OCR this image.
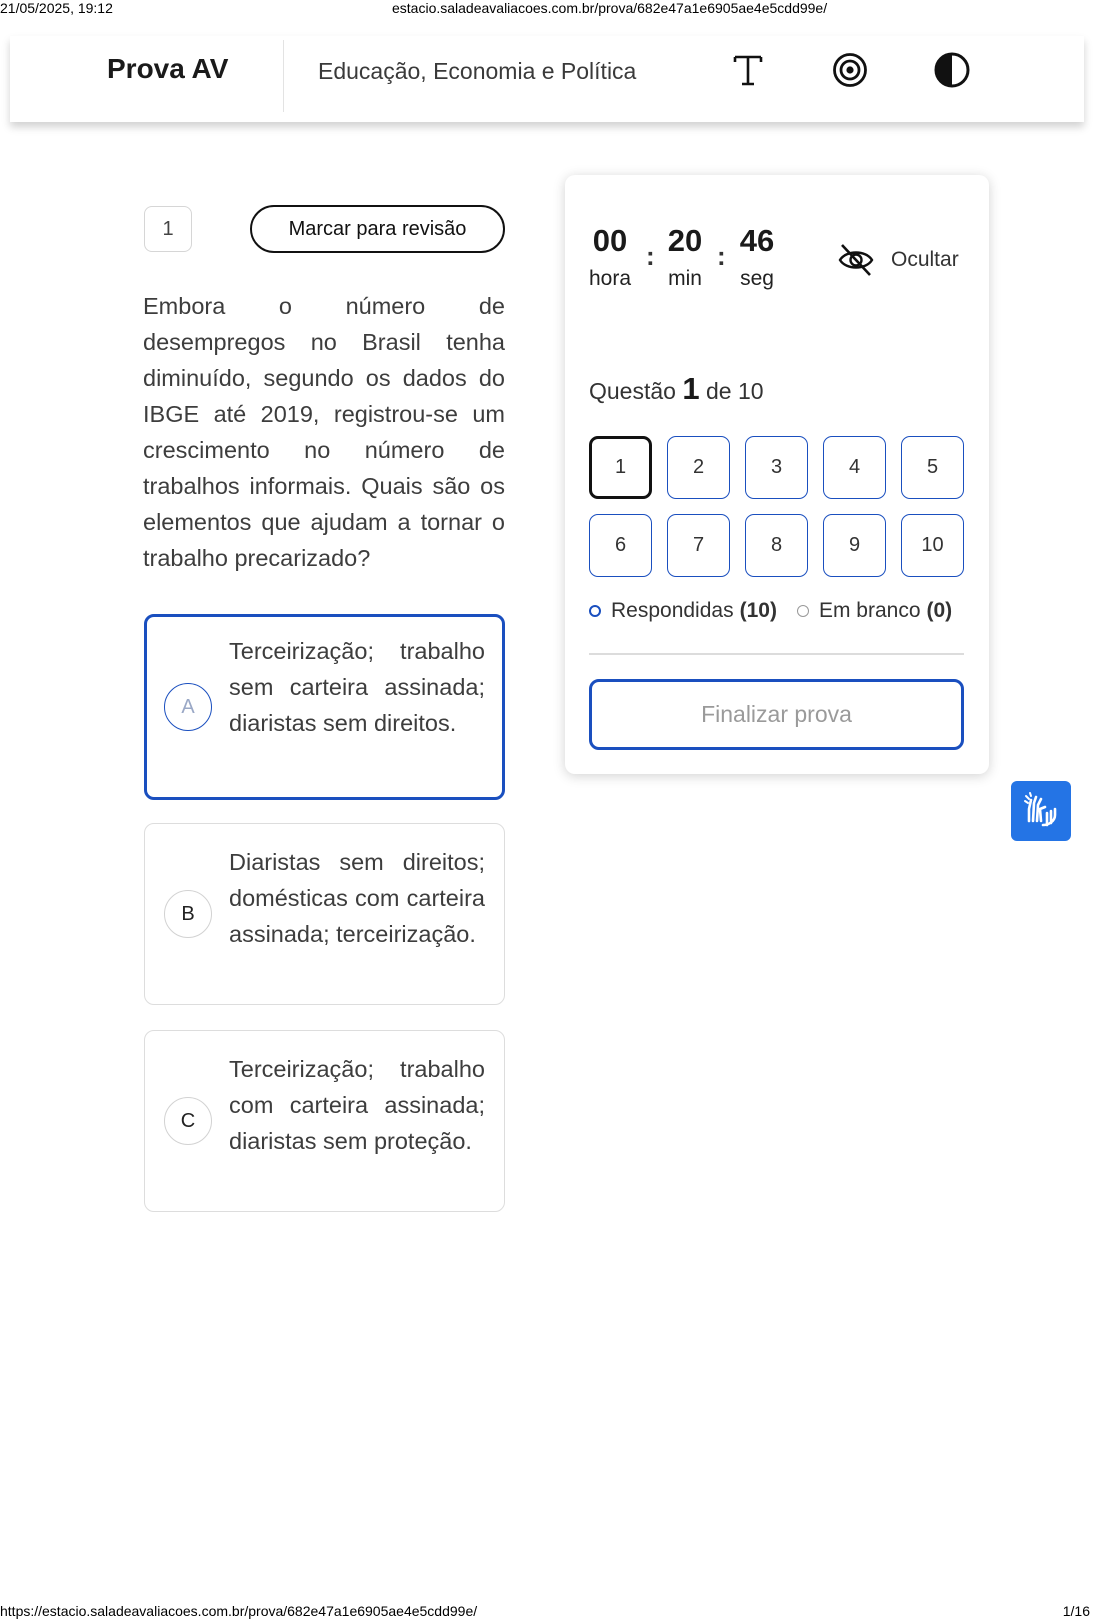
21/05/2025, 19:12	estacio.saladeavaliacoes.com.br/prova/682e47a1e6905ae4e5cdd99e/
Prova AV	Educação, Economia e Política
1	Marcar para revisão
Embora o número de desempregos no Brasil tenha diminuído, segundo os dados do IBGE até 2019, registrou-se um crescimento no número de trabalhos informais. Quais são os elementos que ajudam a tornar o trabalho precarizado?
A
Terceirização; trabalho sem carteira assinada; diaristas sem direitos.
B
Diaristas sem direitos; domésticas com carteira assinada; terceirização.
C
Terceirização; trabalho com carteira assinada; diaristas sem proteção.
00
hora
: 20
min
: 46
seg
Ocultar
Questão 1 de 10
1	2	3	4	5
6	7	8	9	10
Respondidas (10) Em branco (0)
Finalizar prova
https://estacio.saladeavaliacoes.com.br/prova/682e47a1e6905ae4e5cdd99e/	1/16
